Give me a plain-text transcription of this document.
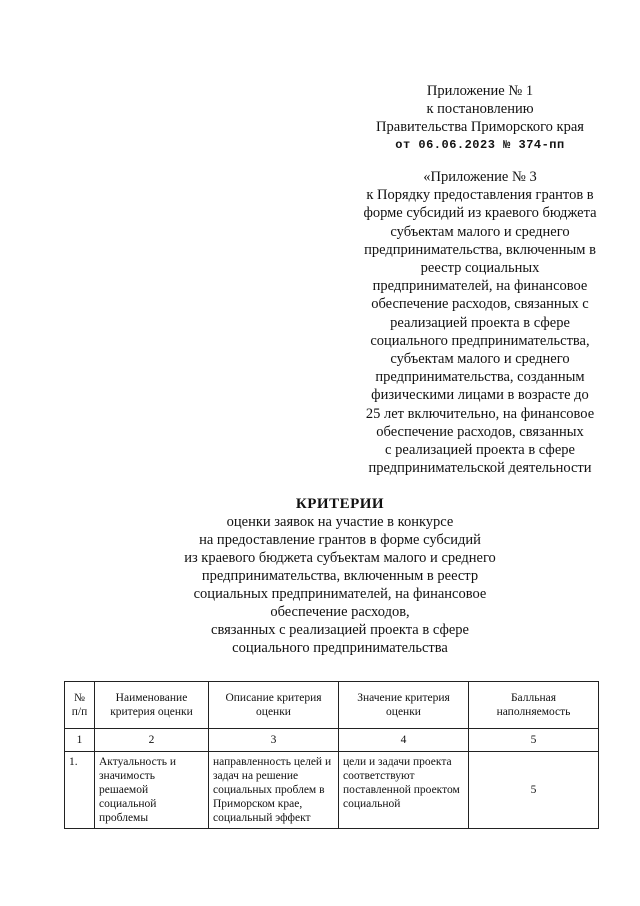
Приложение № 1
к постановлению
Правительства Приморского края
от 06.06.2023 № 374-пп
«Приложение № 3
к Порядку предоставления грантов в
форме субсидий из краевого бюджета
субъектам малого и среднего
предпринимательства, включенным в
реестр социальных
предпринимателей, на финансовое
обеспечение расходов, связанных с
реализацией проекта в сфере
социального предпринимательства,
субъектам малого и среднего
предпринимательства, созданным
физическими лицами в возрасте до
25 лет включительно, на финансовое
обеспечение расходов, связанных
с реализацией проекта в сфере
предпринимательской деятельности
КРИТЕРИИ
оценки заявок на участие в конкурсе
на предоставление грантов в форме субсидий
из краевого бюджета субъектам малого и среднего
предпринимательства, включенным в реестр
социальных предпринимателей, на финансовое
обеспечение расходов,
связанных с реализацией проекта в сфере
социального предпринимательства
№ п/п	Наименование критерия оценки	Описание критерия оценки	Значение критерия оценки	Балльная наполняемость
1	2	3	4	5
1.	Актуальность и значимость решаемой социальной проблемы	направленность целей и задач на решение социальных проблем в Приморском крае, социальный эффект	цели и задачи проекта соответствуют поставленной проектом социальной	5
